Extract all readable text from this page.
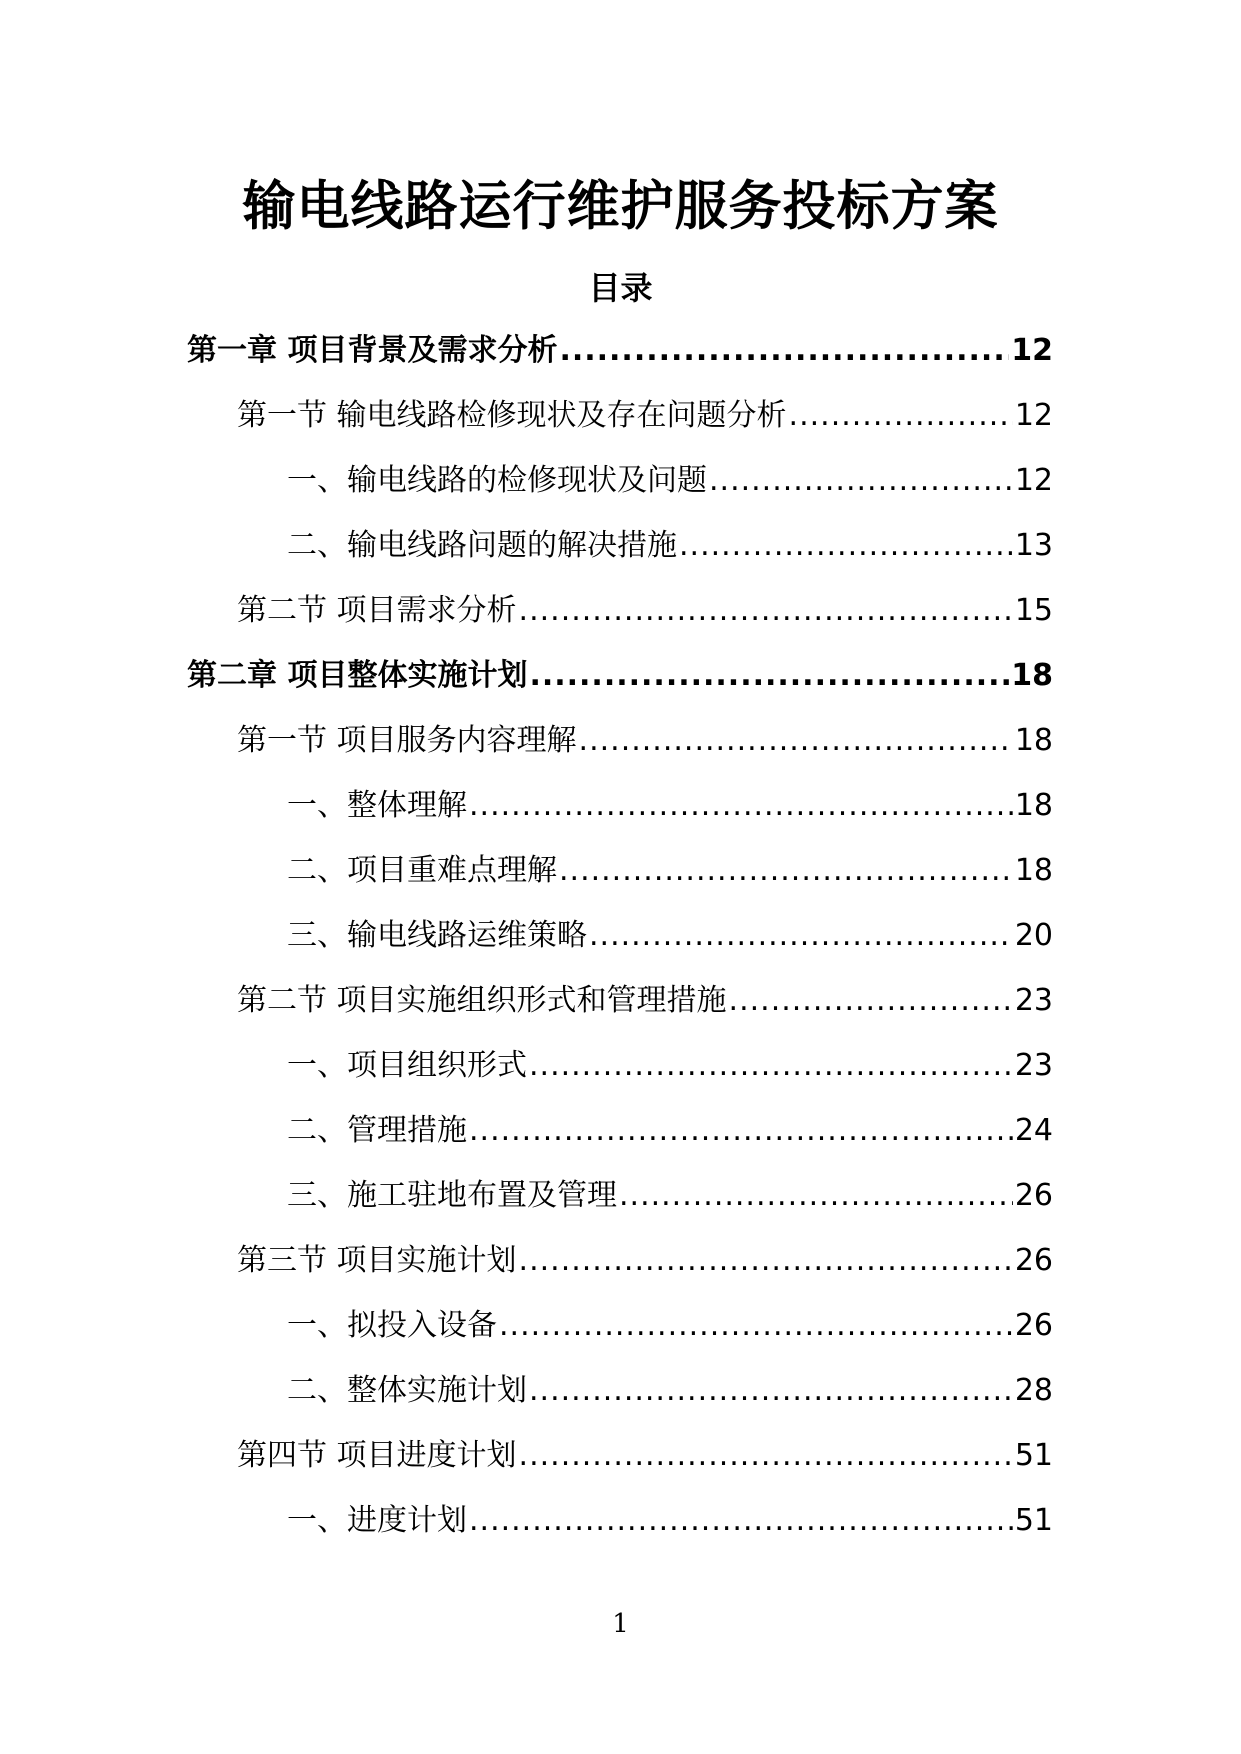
输电线路运行维护服务投标方案
目录
第一章 项目背景及需求分析 .....	12
第一节 输电线路检修现状及存在问题分析 .....	12
一、输电线路的检修现状及问题 .....	12
二、输电线路问题的解决措施 .....	13
第二节 项目需求分析 .....	15
第二章 项目整体实施计划 .....	18
第一节 项目服务内容理解 .....	18
一、整体理解 .....	18
二、项目重难点理解 .....	18
三、输电线路运维策略 .....	20
第二节 项目实施组织形式和管理措施 .....	23
一、项目组织形式 .....	23
二、管理措施 .....	24
三、施工驻地布置及管理 .....	26
第三节 项目实施计划 .....	26
一、拟投入设备 .....	26
二、整体实施计划 .....	28
第四节 项目进度计划 .....	51
一、进度计划 .....	51
1
